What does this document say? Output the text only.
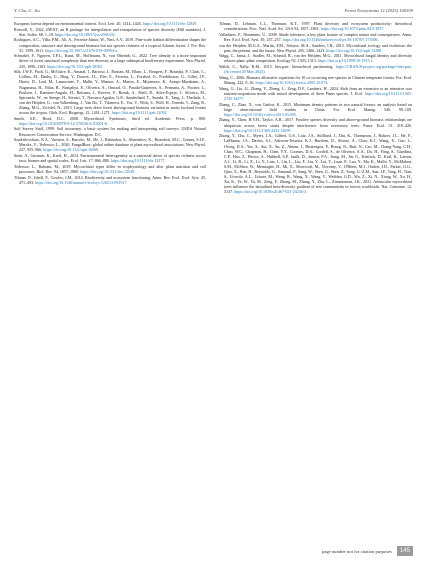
Y. Chu, G. Jia	Forest Ecosystems 12 (2025) 100299

European forests depend on environmental context. Ecol. Lett. 20, 1414–1426. https://doi.org/10.1111/ele.12849.

Roswell, V., 2022. iNEXT: an R package for interpolation and extrapolation of species diversity (Hill numbers). J. Stat. Softw. 68, 1–18. https://doi.org/10.18637/jss.v068.i02.

Rodrigues, A.C., Villa, P.M., Ali, A., Ferreira-Júnior, W., Neri, A.V., 2019. Fine-scale habitat differentiation shapes the composition, structure and aboveground biomass but not species richness of a tropical Atlantic forest. J. For. Res. 31, 1599–1611. https://doi.org/10.1007/s11676-019-00994-x.

Schnabel, F., Nguyen, T.P.L., Kunz, M., Hoffmann, N., von Oheimb, G., 2022. Tree identity is a more important driver of forest structural complexity than tree diversity in a large subtropical biodiversity experiment. New Phytol. 235, 1090–1103. https://doi.org/10.1111/nph.18165.

Silk, J.W.F., Paoli, G., McGuire, K., Amaral, I., Barroso, J., Bastian, M., Blanc, L., Bongers, F., Boundja, P., Clark, C., Collins, M., Dauby, G., Ding, Y., Doucet, J.L., Eler, E., Ferreira, L., Forshed, O., Fredriksson, G., Gillet, J.F., Harris, D., Leal, M., Laumonier, Y., Malhi, Y., Mansor, A., Martin, E., Miyamoto, K., Araujo-Murakami, A., Nagamasu, H., Nilus, R., Nurtjahya, E., Oliveira, A., Onrizal, O., Parada-Gutierrez, A., Permana, A., Poorter, L., Poulsen, J., Ramirez-Angulo, H., Reitsma, J., Rovero, F., Rozak, A., Sheil, D., Silva-Espejo, J., Silveira, M., Spironelo, W., ter Steege, H., Stevart, T., Navarro-Aguilar, G.E., Sunderland, T., Suzuki, E., Tang, J., Theilade, I., van der Heijden, G., van Valkenburg, J., Van Do, T., Vilanova, E., Vos, V., Wich, S., Wöll, H., Yoneda, T., Zang, R., Zhang, M.G., Zweifel, N., 2013. Large trees drive forest aboveground biomass variation in moist lowland forests across the tropics. Glob. Ecol. Biogeogr. 22, 1261–1271. https://doi.org/10.1111/geb.12092.

Smith, S.E., Read, D.J., 2008. Mycorrhizal Symbiosis, third ed. Academic Press, p. 800. https://doi.org/10.1016/B978-0-12-370526-6.X5001-6.

Soil Survey Staff, 1999. Soil taxonomy: a basic system for making and interpreting soil surveys. USDA Natural Resources Conservation Service, Washington, D.C.

Soudzilovskaia, N.A., Vaessen, S., Barcelo, M., He, J., Rahimlou, S., Abarenkov, K., Brundrett, M.C., Gomes, S.I.F., Merckx, V., Tedersoo, L., 2020. FungalRoot: global online database of plant mycorrhizal associations. New Phytol. 227, 955–966. https://doi.org/10.1111/nph.16569.

Stein, A., Gerstner, K., Kreft, H., 2014. Environmental heterogeneity as a universal driver of species richness across taxa, biomes and spatial scales. Ecol. Lett. 17, 866–880. https://doi.org/10.1111/ele.12277.

Tedersoo, L., Bahram, M., 2019. Mycorrhizal types differ in ecophysiology and alter plant nutrition and soil processes. Biol. Rev. 94, 1857–1880. https://doi.org/10.1111/brv.12538.

Tilman, D., Isbell, F., Cowles, J.M., 2014. Biodiversity and ecosystem functioning. Annu. Rev. Ecol. Evol. Syst. 45, 471–493. https://doi.org/10.1146/annurev-ecolsys-120213-091917.

Tilman, D., Lehman, C.L., Thomson, K.T., 1997. Plant diversity and ecosystem productivity: theoretical considerations. Proc. Natl. Acad. Sci. USA 94, 1857–1861. https://doi.org/10.1073/pnas.94.5.1857.

Valladares, F., Niinemets, Ü., 2008. Shade tolerance, a key plant feature of complex nature and consequences. Annu. Rev. Ecol. Evol. Syst. 39, 237–257. https://doi.org/10.1146/annurev.ecolsys.39.110707.173506.

van der Heijden, M.G.A., Martin, F.M., Selosse, M.A., Sanders, I.R., 2015. Mycorrhizal ecology and evolution: the past, the present, and the future. New Phytol. 205, 1406–1423. https://doi.org/10.1111/nph.13288.

Wagg, C., Jansa, J., Stadler, M., Schmid, B., van der Heijden, M.G., 2011. Mycorrhizal fungal identity and diversity relaxes plant–plant competition. Ecology 92, 1303–1313. https://doi.org/10.1890/10-1915.1.

Walsh, C., Nally, R.M., 2013. hier.part: hierarchical partitioning. https://CRAN.R-project.org/package=hier.part. (Accessed 20 May 2024).

Wang, C., 2006. Biomass allometric equations for 10 co-occurring tree species in Chinese temperate forests. For. Ecol. Manag. 222, 9–16. https://doi.org/10.1016/j.foreco.2005.10.074.

Wang, G., Liu, G., Zhang, Y., Zheng, L., Zeng, D.F., Lambers, H., 2024. Shift from an extensive to an intensive root nutrient-acquisition mode with mixed development of three Pinus species. J. Ecol. https://doi.org/10.1111/1365-2745.14277.

Zhang, C., Zhao, X., von Gadow, K., 2015. Maximum density patterns in two natural forests: an analysis based on large observational field studies in China. For. Ecol. Manag. 346, 99–109. https://doi.org/10.1016/j.foreco.2015.03.005.

Zhang, Y., Chen, H.Y.H., Taylor, A.R., 2017. Positive species diversity and above-ground biomass relationships are ubiquitous across forest strata despite interference from overstorey trees. Funct. Ecol. 31, 419–426. https://doi.org/10.1111/1365-2435.12699.

Zhong, Y., Chu, C., Myers, J.A., Gilbert, G.S., Lutz, J.A., Stillhard, J., Zhu, K., Thompson, J., Baltzer, J.L., He, F., LaManna, J.A., Davies, S.J., Aderson-Teixeira, K.J., Burslem, D., Alonso, A., Chao, K.J., Wang, X., Gao, L., Orwig, D.A., Yin, X., Sui, X., Su, Z., Abiem, I., Bissiengou, P., Bourg, N., Butt, N., Cao, M., Chang-Yang, C.H., Chao, W.C., Chapman, H., Chen, Y.Y., Coomes, D.A., Cordell, S., de Oliveira, A.A., Du, H., Fang, S., Giardina, C.P., Hao, Z., Hector, A., Hubbell, S.P., Janík, D., Jansen, P.A., Jiang, M., Jin, G., Kenfack, D., Král, K., Larson, A.J., Li, B., Li, X., Li, Y., Lian, J., Lin, L., Liu, F., Liu, Y., Liu, Y., Luan, F., Luo, Y., Ma, K., Malhi, Y., McMahon, S.M., McShea, W., Memiaghe, H., Mi, X., Morecroft, M., Novotny, V., O'Brien, M.J., Ouden, J.D., Parker, G.G., Qiao, X., Ren, H., Reynolds, G., Samonil, P., Sang, W., Shen, G., Shen, Z., Song, G.-Z.M., Sun, I.F., Tang, H., Tian, S., Uowolo, A.L., Uriarte, M., Wang, B., Wang, X., Wang, Y., Weiblen, G.D., Wu, Z., Xi, N., Xiang, W., Xu, H., Xu, K., Ye, W., Yu, M., Zeng, F., Zhang, M., Zhang, Y., Zhu, L., Zimmerman, J.K., 2021. Arbuscular mycorrhizal trees influence the latitudinal beta-diversity gradient of tree communities in forests worldwide. Nat. Commun. 12, 3137. https://doi.org/10.1038/s41467-021-23236-3.

page number not for citation purposes 145
